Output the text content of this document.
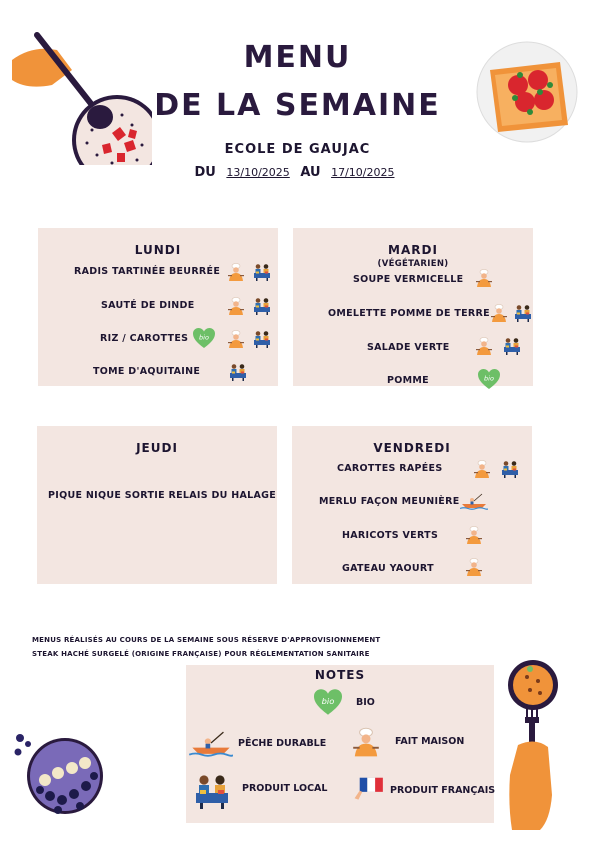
MENU
DE LA SEMAINE
ECOLE DE GAUJAC
DU 13/10/2025 AU 17/10/2025
LUNDI
RADIS TARTINÉE BEURRÉE
SAUTÉ DE DINDE
RIZ / CAROTTES
TOME D'AQUITAINE
MARDI
(VÉGÉTARIEN)
SOUPE VERMICELLE
OMELETTE POMME DE TERRE
SALADE VERTE
POMME
JEUDI
PIQUE NIQUE SORTIE RELAIS DU HALAGE
VENDREDI
CAROTTES RAPÉES
MERLU FAÇON MEUNIÈRE
HARICOTS VERTS
GATEAU YAOURT
MENUS RÉALISÉS AU COURS DE LA SEMAINE SOUS RÉSERVE D'APPROVISIONNEMENT
STEAK HACHÉ SURGELÉ (ORIGINE FRANÇAISE) POUR RÉGLEMENTATION SANITAIRE
NOTES
BIO
PÊCHE DURABLE	FAIT MAISON
PRODUIT LOCAL	PRODUIT FRANÇAIS
